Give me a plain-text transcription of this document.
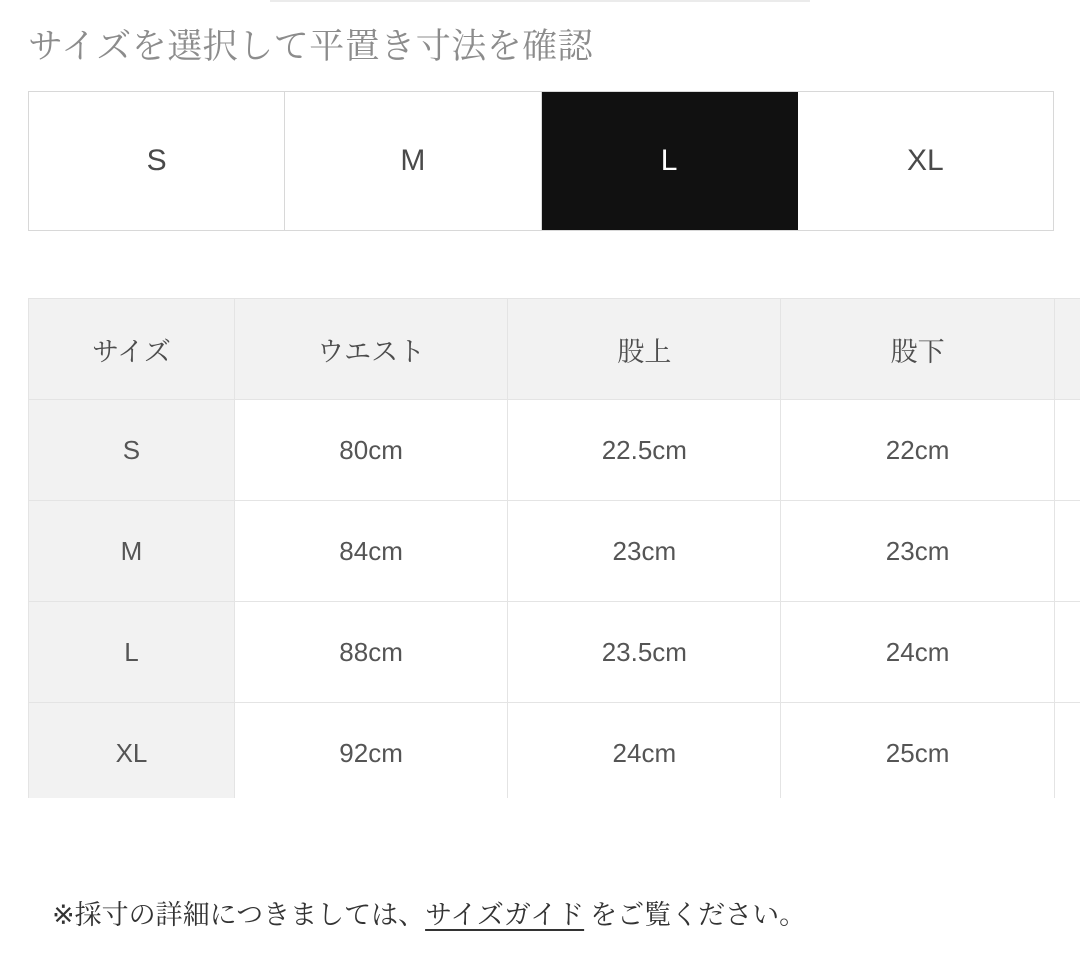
サイズを選択して平置き寸法を確認
S	M	L	XL
サイズ	ウエスト	股上	股下	
S	80cm	22.5cm	22cm	
M	84cm	23cm	23cm	
L	88cm	23.5cm	24cm	
XL	92cm	24cm	25cm	
※採寸の詳細につきましては、サイズガイド をご覧ください。
